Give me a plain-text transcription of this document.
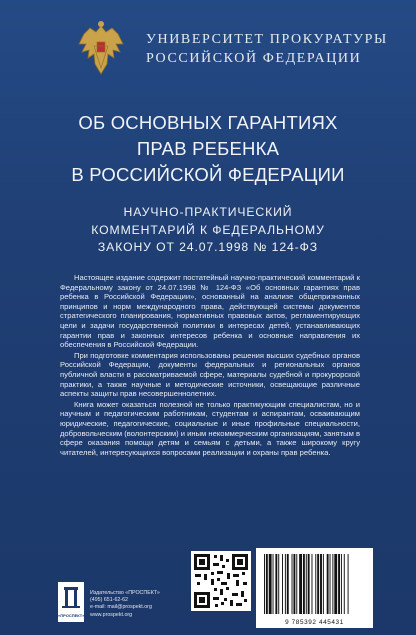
УНИВЕРСИТЕТ ПРОКУРАТУРЫ
РОССИЙСКОЙ ФЕДЕРАЦИИ
ОБ ОСНОВНЫХ ГАРАНТИЯХ
ПРАВ РЕБЕНКА
В РОССИЙСКОЙ ФЕДЕРАЦИИ
НАУЧНО-ПРАКТИЧЕСКИЙ
КОММЕНТАРИЙ К ФЕДЕРАЛЬНОМУ
ЗАКОНУ ОТ 24.07.1998 № 124-ФЗ

Настоящее издание содержит постатейный научно-практический комментарий к Федеральному закону от 24.07.1998 № 124-ФЗ «Об основных гарантиях прав ребенка в Российской Федерации», основанный на анализе общепризнанных принципов и норм международного права, действующей системы документов стратегического планирования, нормативных правовых актов, регламентирующих цели и задачи государственной политики в интересах детей, устанавливающих гарантии прав и законных интересов ребенка и основные направления их обеспечения в Российской Федерации.

При подготовке комментария использованы решения высших судебных органов Российской Федерации, документы федеральных и региональных органов публичной власти в рассматриваемой сфере, материалы судебной и прокурорской практики, а также научные и методические источники, освещающие различные аспекты защиты прав несовершеннолетних.

Книга может оказаться полезной не только практикующим специалистам, но и научным и педагогическим работникам, студентам и аспирантам, осваивающим юридические, педагогические, социальные и иные профильные специальности, добровольческим (волонтерским) и иным некоммерческим организациям, занятым в сфере оказания помощи детям и семьям с детьми, а также широкому кругу читателей, интересующихся вопросами реализации и охраны прав ребенка.

«ПРОСПЕКТ»
Издательство «ПРОСПЕКТ»
(495) 651-62-62
e-mail: mail@prospekt.org
www.prospekt.org
9 785392 445431
